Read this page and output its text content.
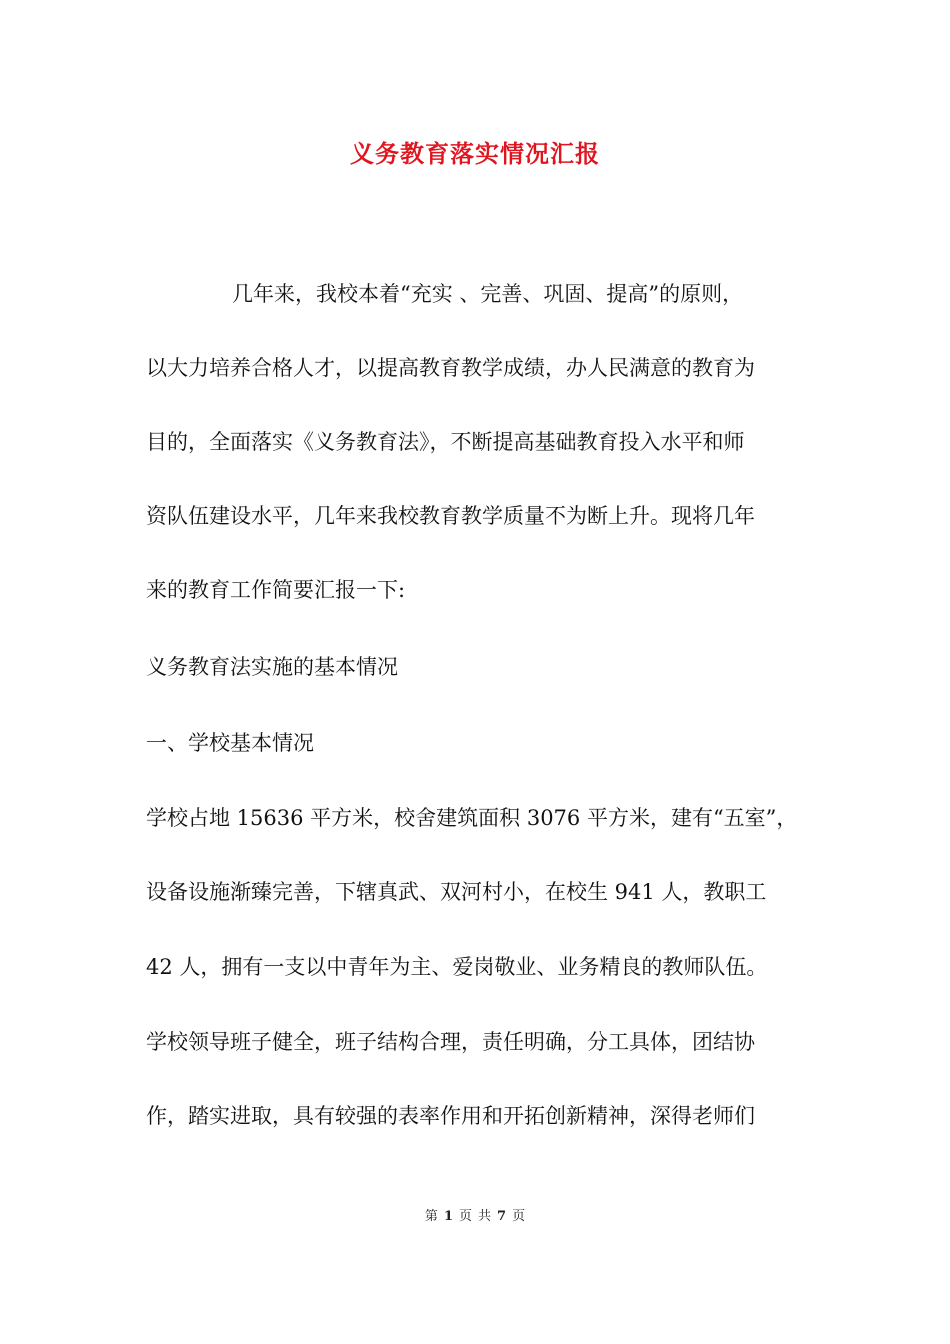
义务教育落实情况汇报
几年来，我校本着“充实 、完善、巩固、提高”的原则，
以大力培养合格人才，以提高教育教学成绩，办人民满意的教育为
目的，全面落实《义务教育法》，不断提高基础教育投入水平和师
资队伍建设水平，几年来我校教育教学质量不为断上升。现将几年
来的教育工作简要汇报一下:
义务教育法实施的基本情况
一、学校基本情况
学校占地 15636 平方米，校舍建筑面积 3076 平方米，建有“五室”，
设备设施渐臻完善，下辖真武、双河村小，在校生 941 人，教职工
42 人，拥有一支以中青年为主、爱岗敬业、业务精良的教师队伍。
学校领导班子健全，班子结构合理，责任明确，分工具体，团结协
作，踏实进取，具有较强的表率作用和开拓创新精神，深得老师们
第 1 页 共 7 页
